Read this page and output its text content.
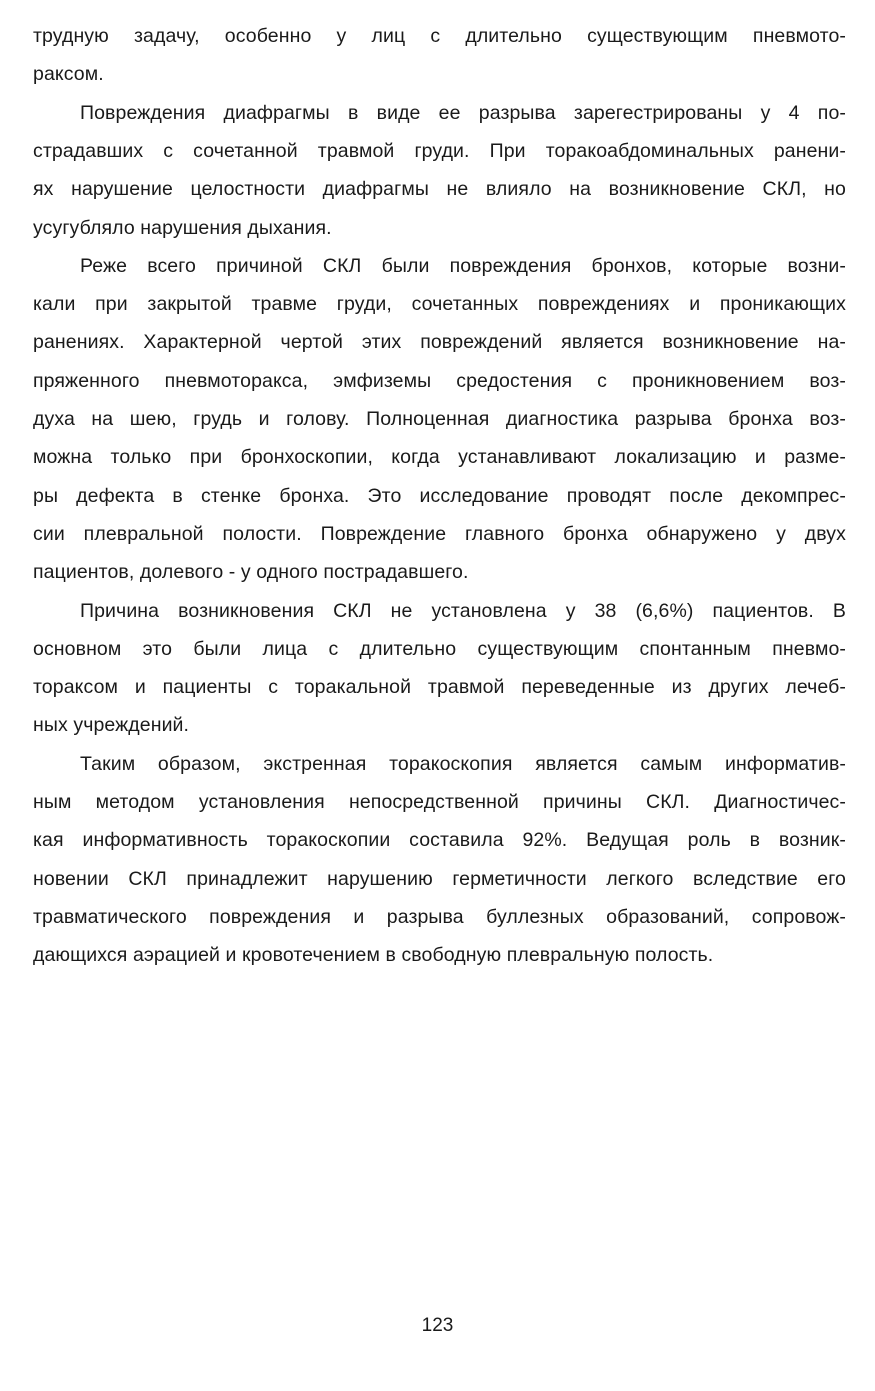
трудную задачу, особенно у лиц с длительно существующим пневмото-
раксом.
Повреждения диафрагмы в виде ее разрыва зарегестрированы у 4 по-
страдавших с сочетанной травмой груди. При торакоабдоминальных ранени-
ях нарушение целостности диафрагмы не влияло на возникновение СКЛ, но
усугубляло нарушения дыхания.
Реже всего причиной СКЛ были повреждения бронхов, которые возни-
кали при закрытой травме груди, сочетанных повреждениях и проникающих
ранениях. Характерной чертой этих повреждений является возникновение на-
пряженного пневмоторакса, эмфиземы средостения с проникновением воз-
духа на шею, грудь и голову. Полноценная диагностика разрыва бронха воз-
можна только при бронхоскопии, когда устанавливают локализацию и разме-
ры дефекта в стенке бронха. Это исследование проводят после декомпрес-
сии плевральной полости. Повреждение главного бронха обнаружено у двух
пациентов, долевого - у одного пострадавшего.
Причина возникновения СКЛ не установлена у 38 (6,6%) пациентов. В
основном это были лица с длительно существующим спонтанным пневмо-
тораксом и пациенты с торакальной травмой переведенные из других лечеб-
ных учреждений.
Таким образом, экстренная торакоскопия является самым информатив-
ным методом установления непосредственной причины СКЛ. Диагностичес-
кая информативность торакоскопии составила 92%. Ведущая роль в возник-
новении СКЛ принадлежит нарушению герметичности легкого вследствие его
травматического повреждения и разрыва буллезных образований, сопровож-
дающихся аэрацией и кровотечением в свободную плевральную полость.
123
